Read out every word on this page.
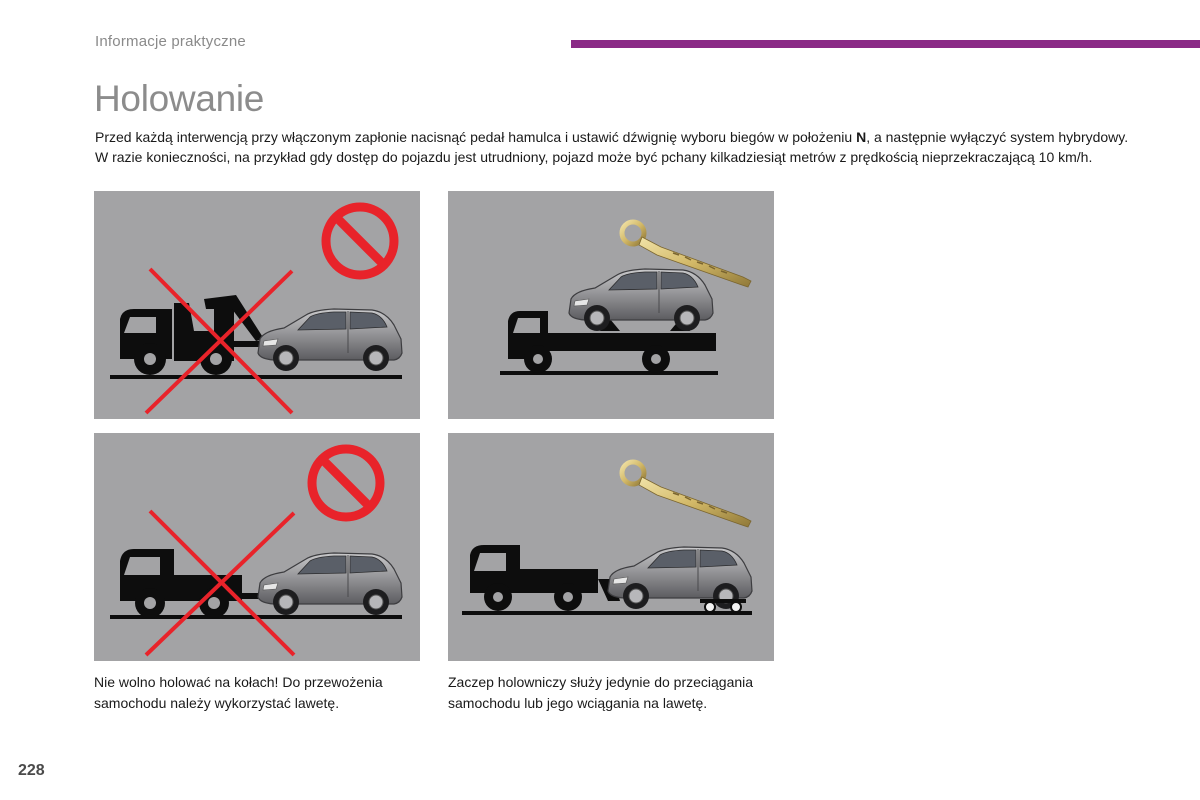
Informacje praktyczne
Holowanie

Przed każdą interwencją przy włączonym zapłonie nacisnąć pedał hamulca i ustawić dźwignię wyboru biegów w położeniu N, a następnie wyłączyć system hybrydowy.

W razie konieczności, na przykład gdy dostęp do pojazdu jest utrudniony, pojazd może być pchany kilkadziesiąt metrów z prędkością nieprzekraczającą 10 km/h.

Nie wolno holować na kołach! Do przewożenia samochodu należy wykorzystać lawetę.
Zaczep holowniczy służy jedynie do przeciągania samochodu lub jego wciągania na lawetę.
228
